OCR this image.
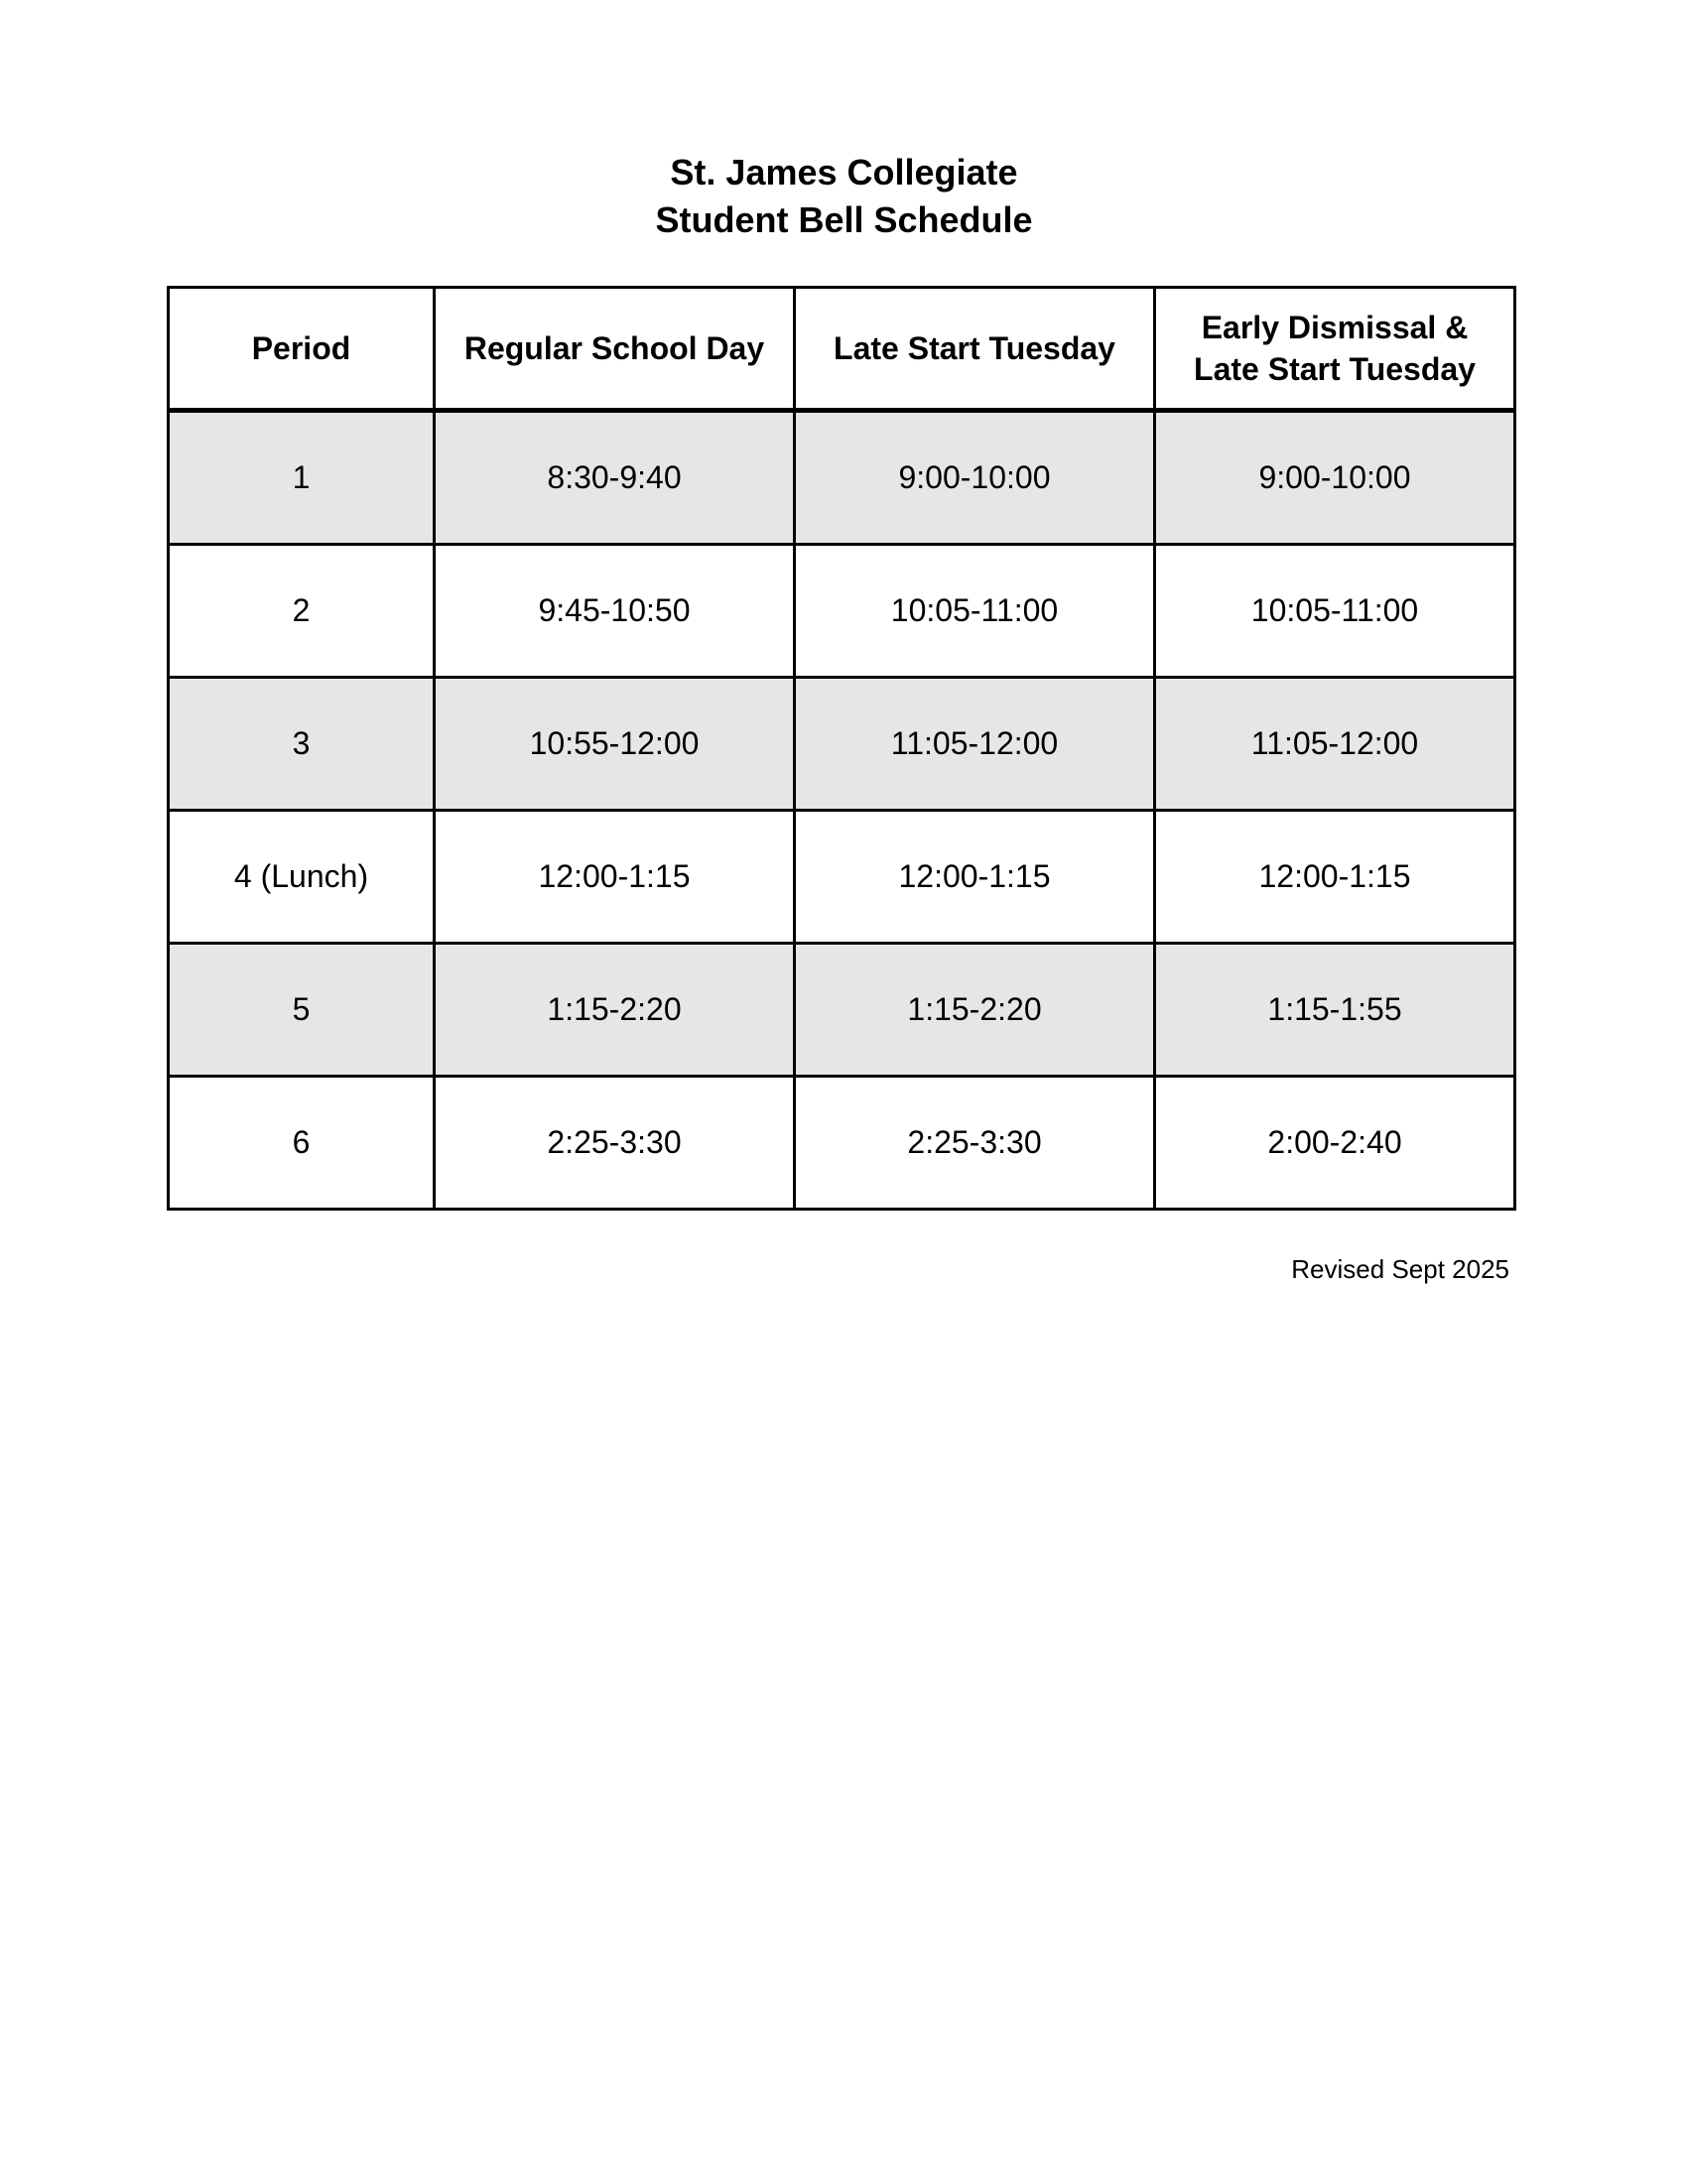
St. James Collegiate

Student Bell Schedule

Period	Regular School Day	Late Start Tuesday	Early Dismissal &
Late Start Tuesday
1	8:30-9:40	9:00-10:00	9:00-10:00
2	9:45-10:50	10:05-11:00	10:05-11:00
3	10:55-12:00	11:05-12:00	11:05-12:00
4 (Lunch)	12:00-1:15	12:00-1:15	12:00-1:15
5	1:15-2:20	1:15-2:20	1:15-1:55
6	2:25-3:30	2:25-3:30	2:00-2:40
Revised Sept 2025
